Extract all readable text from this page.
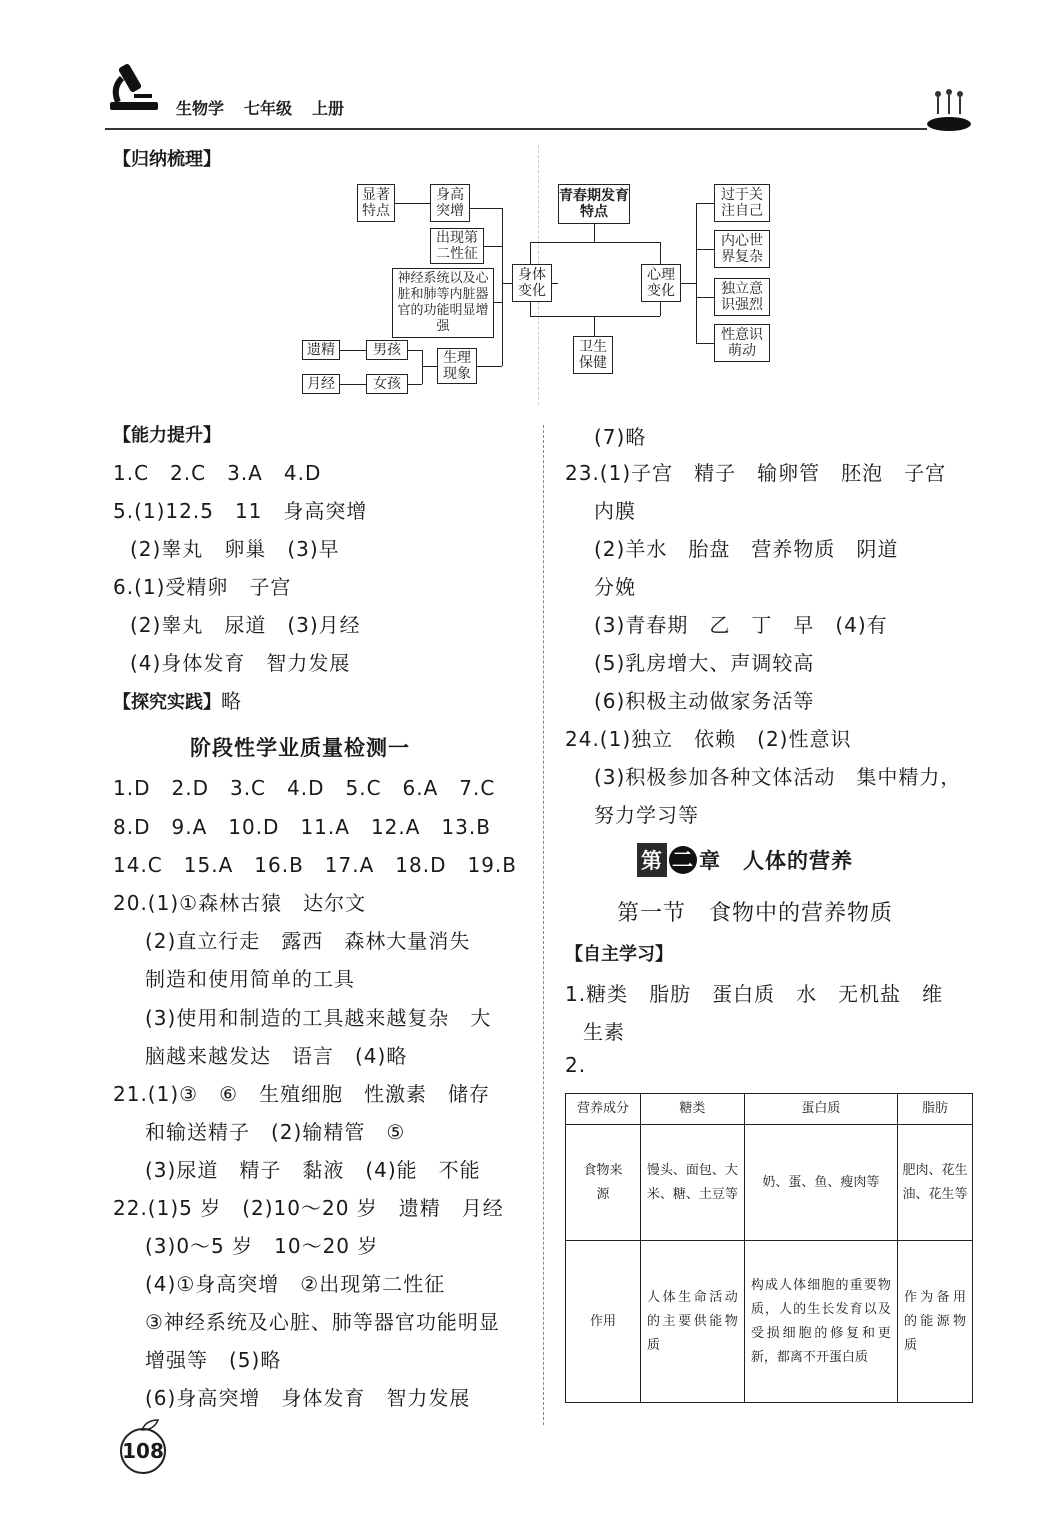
生物学 七年级 上册
【归纳梳理】
显著特点
身高突增
出现第二性征
神经系统以及心脏和肺等内脏器官的功能明显增强
男孩
女孩
遗精
月经
生理现象
身体变化
青春期发育特点
心理变化
卫生保健
过于关注自己
内心世界复杂
独立意识强烈
性意识萌动
【能力提升】
1.C　2.C　3.A　4.D
5.(1)12.5　11　身高突增
(2)睾丸　卵巢　(3)早
6.(1)受精卵　子宫
(2)睾丸　尿道　(3)月经
(4)身体发育　智力发展
【探究实践】略
阶段性学业质量检测一
1.D　2.D　3.C　4.D　5.C　6.A　7.C
8.D　9.A　10.D　11.A　12.A　13.B
14.C　15.A　16.B　17.A　18.D　19.B
20.(1)①森林古猿　达尔文
(2)直立行走　露西　森林大量消失
制造和使用简单的工具
(3)使用和制造的工具越来越复杂　大
脑越来越发达　语言　(4)略
21.(1)③　⑥　生殖细胞　性激素　储存
和输送精子　(2)输精管　⑤
(3)尿道　精子　黏液　(4)能　不能
22.(1)5 岁　(2)10～20 岁　遗精　月经
(3)0～5 岁　10～20 岁
(4)①身高突增　②出现第二性征
③神经系统及心脏、肺等器官功能明显
增强等　(5)略
(6)身高突增　身体发育　智力发展
(7)略
23.(1)子宫　精子　输卵管　胚泡　子宫
内膜
(2)羊水　胎盘　营养物质　阴道
分娩
(3)青春期　乙　丁　早　(4)有
(5)乳房增大、声调较高
(6)积极主动做家务活等
24.(1)独立　依赖　(2)性意识
(3)积极参加各种文体活动　集中精力，
努力学习等
第 二 章　人体的营养
第一节　食物中的营养物质
【自主学习】
1.糖类　脂肪　蛋白质　水　无机盐　维
生素
2.
营养成分	糖类	蛋白质	脂肪
食物来源	馒头、面包、大米、糖、土豆等	奶、蛋、鱼、瘦肉等	肥肉、花生油、花生等
作用	人体生命活动的主要供能物质	构成人体细胞的重要物质，人的生长发育以及受损细胞的修复和更新，都离不开蛋白质	作为备用的能源物质
108
